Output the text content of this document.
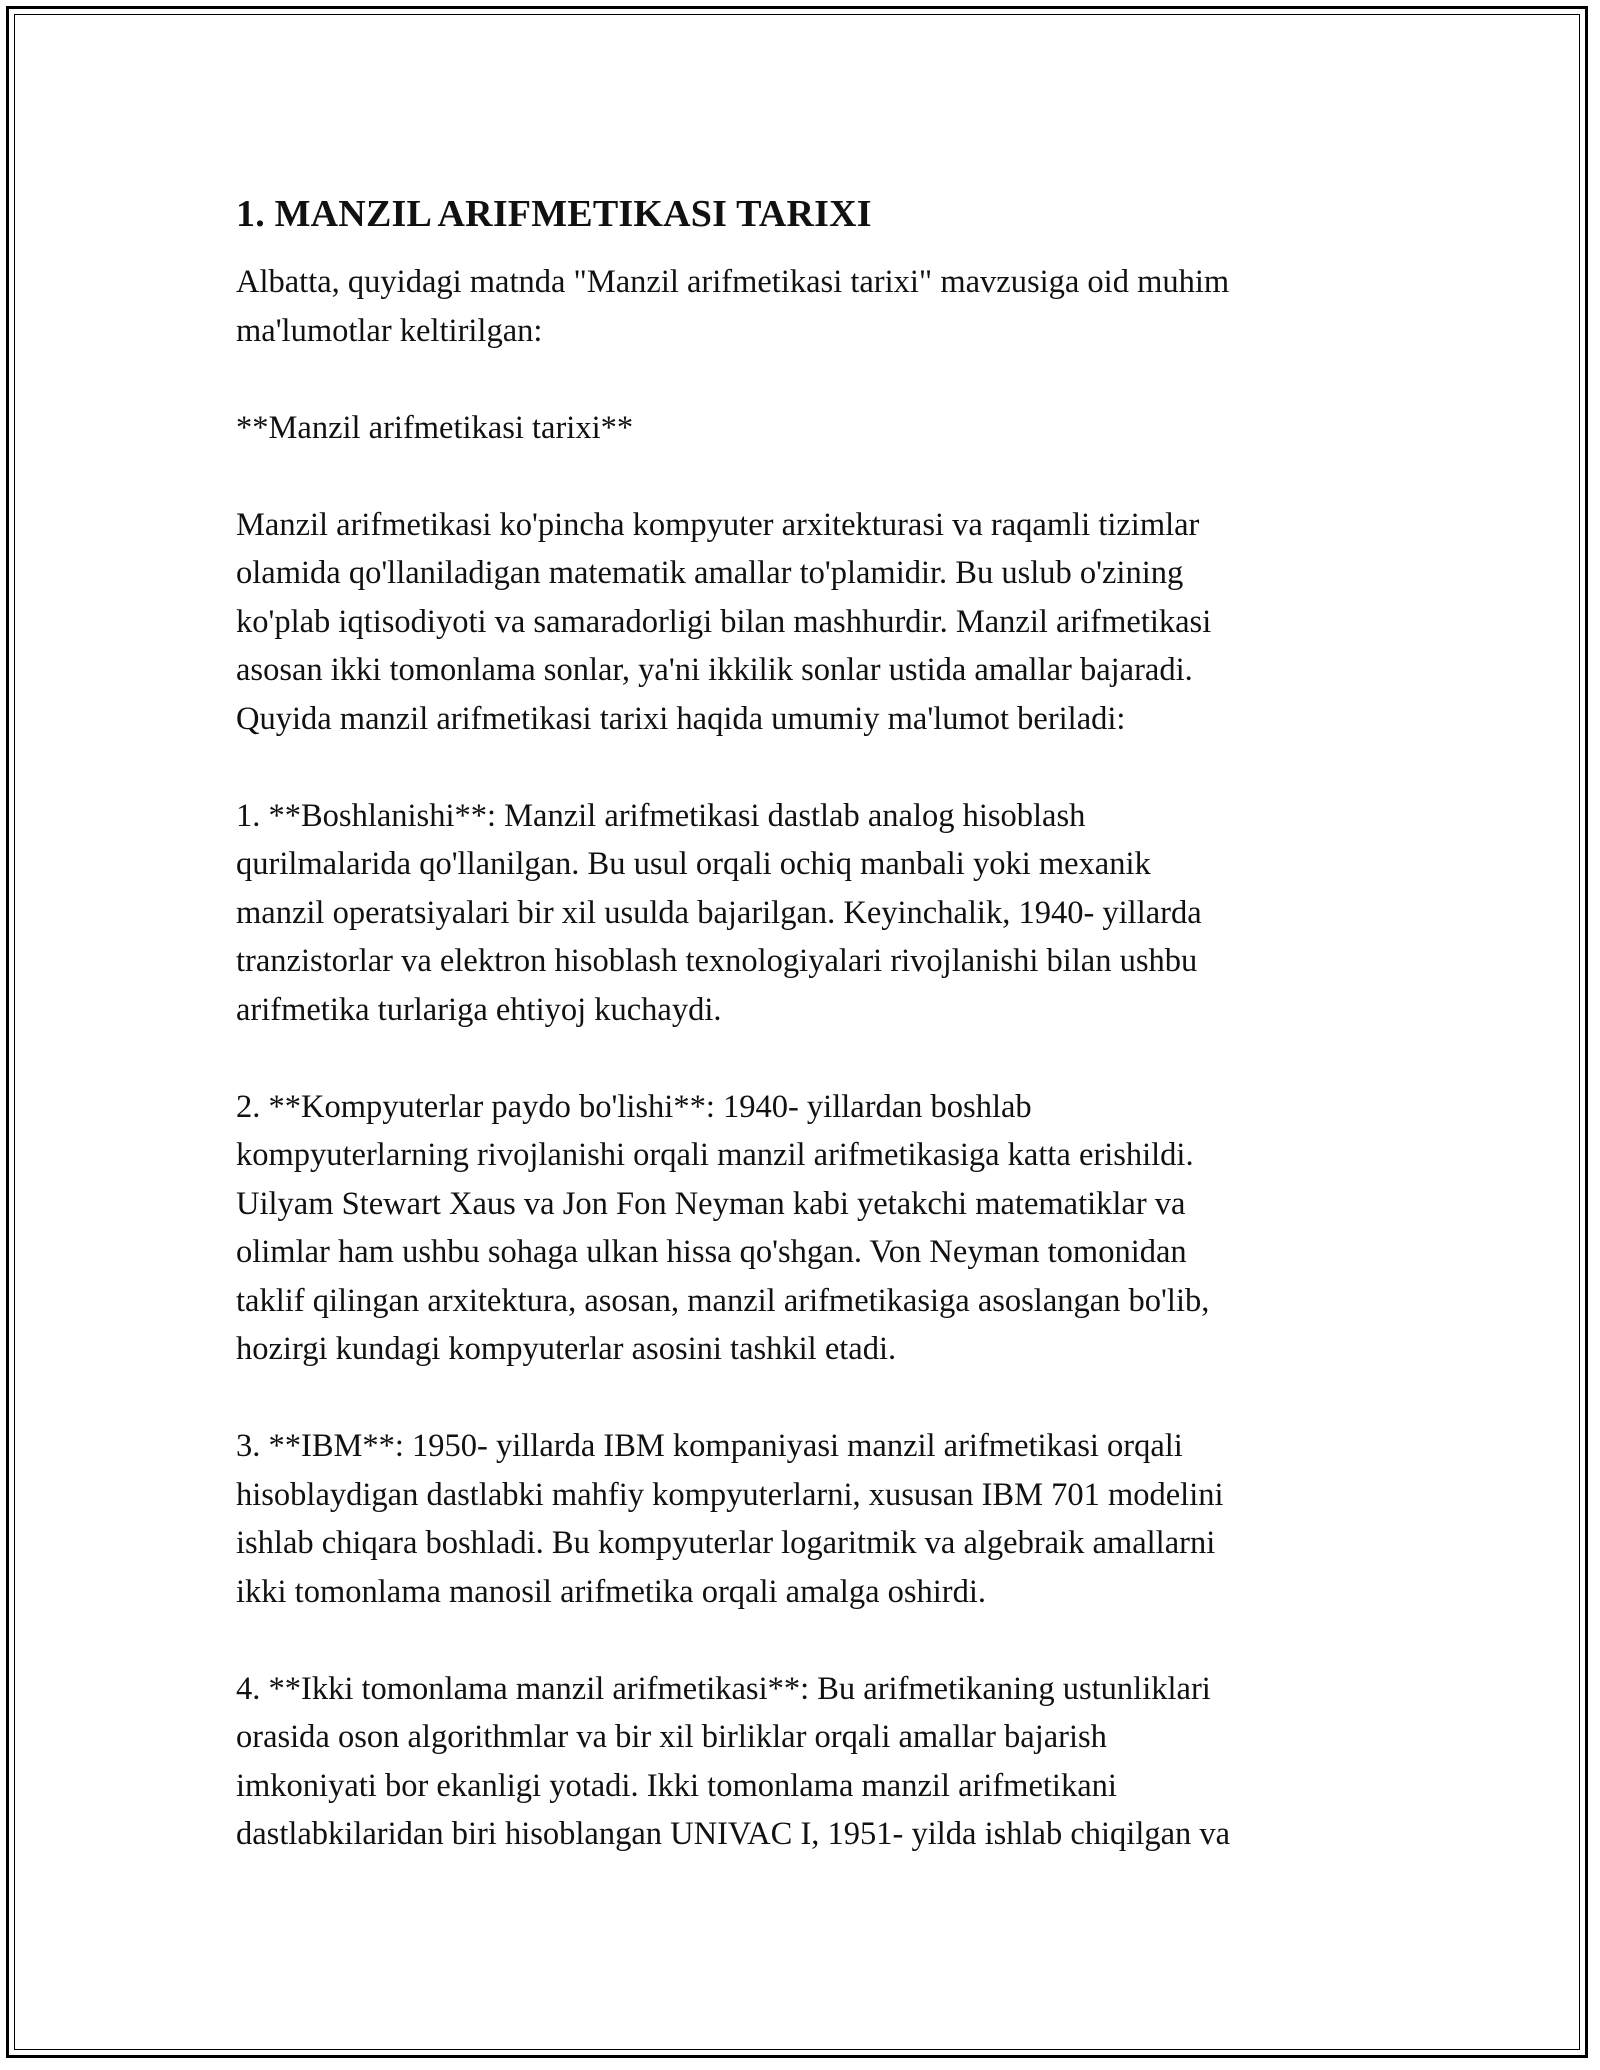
1. MANZIL ARIFMETIKASI TARIXI

Albatta, quyidagi matnda "Manzil arifmetikasi tarixi" mavzusiga oid muhim
ma'lumotlar keltirilgan:

**Manzil arifmetikasi tarixi**

Manzil arifmetikasi ko'pincha kompyuter arxitekturasi va raqamli tizimlar
olamida qo'llaniladigan matematik amallar to'plamidir. Bu uslub o'zining
ko'plab iqtisodiyoti va samaradorligi bilan mashhurdir. Manzil arifmetikasi
asosan ikki tomonlama sonlar, ya'ni ikkilik sonlar ustida amallar bajaradi.
Quyida manzil arifmetikasi tarixi haqida umumiy ma'lumot beriladi:

1. **Boshlanishi**: Manzil arifmetikasi dastlab analog hisoblash
qurilmalarida qo'llanilgan. Bu usul orqali ochiq manbali yoki mexanik
manzil operatsiyalari bir xil usulda bajarilgan. Keyinchalik, 1940- yillarda
tranzistorlar va elektron hisoblash texnologiyalari rivojlanishi bilan ushbu
arifmetika turlariga ehtiyoj kuchaydi.

2. **Kompyuterlar paydo bo'lishi**: 1940- yillardan boshlab
kompyuterlarning rivojlanishi orqali manzil arifmetikasiga katta erishildi.
Uilyam Stewart Xaus va Jon Fon Neyman kabi yetakchi matematiklar va
olimlar ham ushbu sohaga ulkan hissa qo'shgan. Von Neyman tomonidan
taklif qilingan arxitektura, asosan, manzil arifmetikasiga asoslangan bo'lib,
hozirgi kundagi kompyuterlar asosini tashkil etadi.

3. **IBM**: 1950- yillarda IBM kompaniyasi manzil arifmetikasi orqali
hisoblaydigan dastlabki mahfiy kompyuterlarni, xususan IBM 701 modelini
ishlab chiqara boshladi. Bu kompyuterlar logaritmik va algebraik amallarni
ikki tomonlama manosil arifmetika orqali amalga oshirdi.

4. **Ikki tomonlama manzil arifmetikasi**: Bu arifmetikaning ustunliklari
orasida oson algorithmlar va bir xil birliklar orqali amallar bajarish
imkoniyati bor ekanligi yotadi. Ikki tomonlama manzil arifmetikani
dastlabkilaridan biri hisoblangan UNIVAC I, 1951- yilda ishlab chiqilgan va
